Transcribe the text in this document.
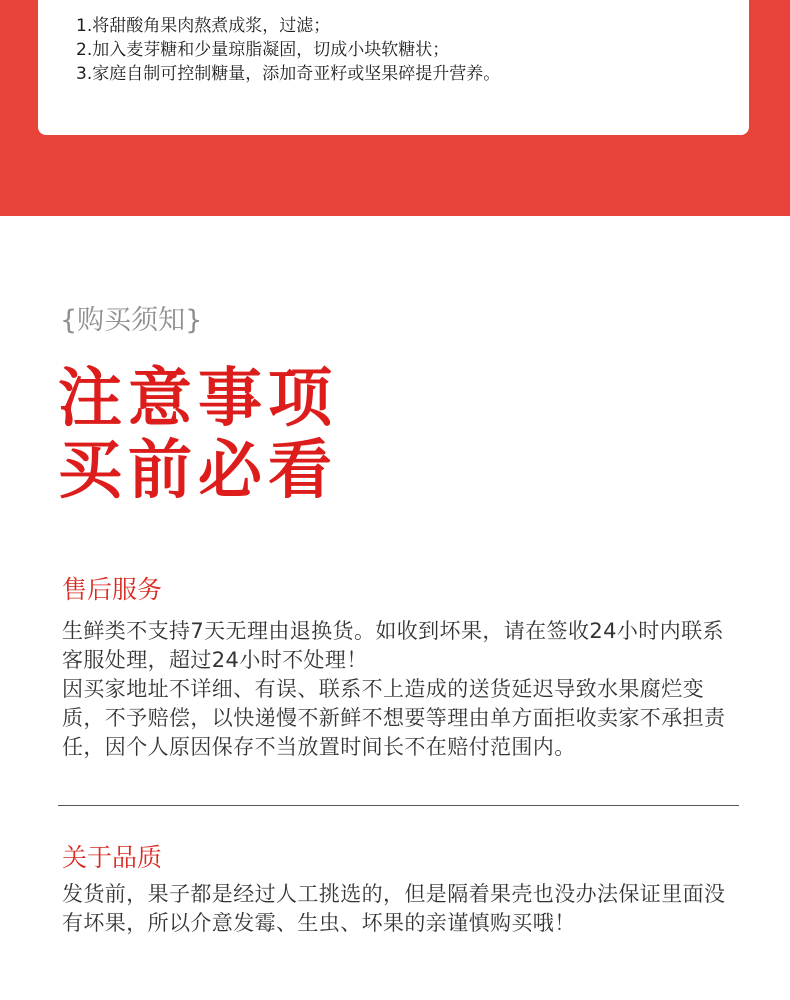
1.将甜酸角果肉熬煮成浆，过滤；
2.加入麦芽糖和少量琼脂凝固，切成小块软糖状；
3.家庭自制可控制糖量，添加奇亚籽或坚果碎提升营养。
{购买须知}
注意事项
买前必看
售后服务

生鲜类不支持7天无理由退换货。如收到坏果，请在签收24小时内联系客服处理，超过24小时不处理！

因买家地址不详细、有误、联系不上造成的送货延迟导致水果腐烂变质，不予赔偿，以快递慢不新鲜不想要等理由单方面拒收卖家不承担责任，因个人原因保存不当放置时间长不在赔付范围内。

关于品质

发货前，果子都是经过人工挑选的，但是隔着果壳也没办法保证里面没有坏果，所以介意发霉、生虫、坏果的亲谨慎购买哦！
